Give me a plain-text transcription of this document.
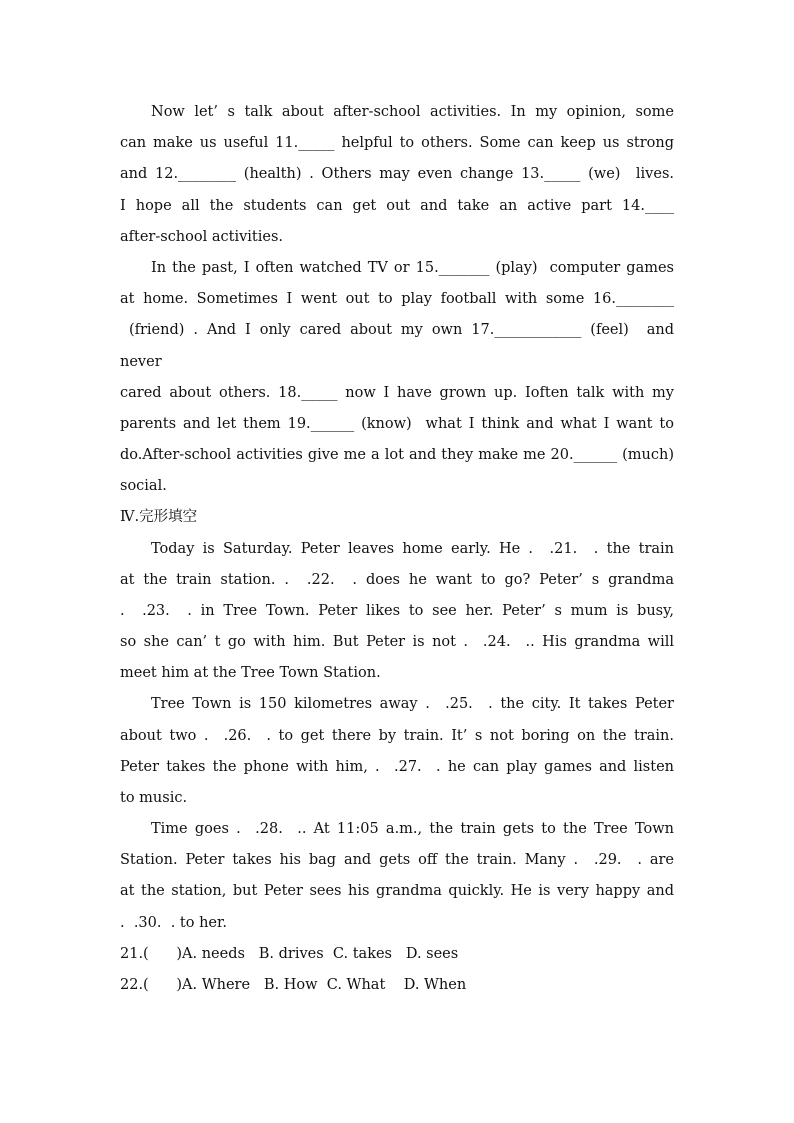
Now let’ s talk about after-school activities. In my opinion, some
can make us useful 11._____ helpful to others. Some can keep us strong
and 12.________ (health) . Others may even change 13._____ (we)  lives.
I hope all the students can get out and take an active part 14.____
after-school activities.
In the past, I often watched TV or 15._______ (play)  computer games
at home. Sometimes I went out to play football with some 16.________
(friend) . And I only cared about my own 17.____________ (feel)  and
never
cared about others. 18._____ now I have grown up. Ioften talk with my
parents and let them 19.______ (know)  what I think and what I want to
do.After-school activities give me a lot and they make me 20.______ (much)
social.
Ⅳ.完形填空
Today is Saturday. Peter leaves home early. He .  .21.  . the train
at the train station. .  .22.  . does he want to go? Peter’ s grandma
.  .23.  . in Tree Town. Peter likes to see her. Peter’ s mum is busy,
so she can’ t go with him. But Peter is not .  .24.  .. His grandma will
meet him at the Tree Town Station.
Tree Town is 150 kilometres away .  .25.  . the city. It takes Peter
about two .  .26.  . to get there by train. It’ s not boring on the train.
Peter takes the phone with him, .  .27.  . he can play games and listen
to music.
Time goes .  .28.  .. At 11:05 a.m., the train gets to the Tree Town
Station. Peter takes his bag and gets off the train. Many .  .29.  . are
at the station, but Peter sees his grandma quickly. He is very happy and
.  .30.  . to her.
21.(      )A. needs   B. drives  C. takes   D. sees
22.(      )A. Where   B. How  C. What    D. When
